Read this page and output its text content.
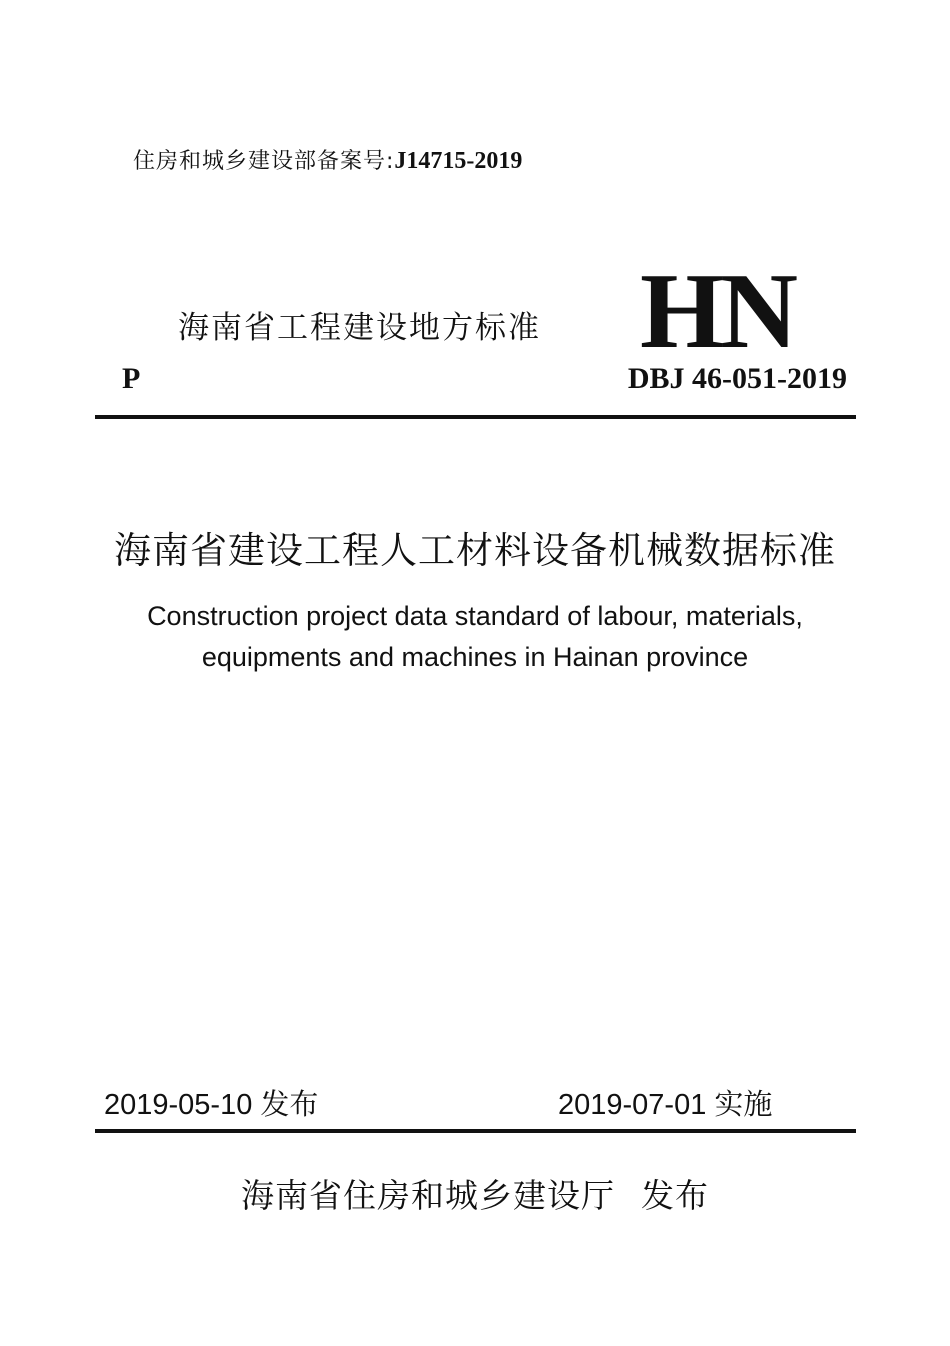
住房和城乡建设部备案号:J14715-2019
海南省工程建设地方标准 HN
P	DBJ 46-051-2019
海南省建设工程人工材料设备机械数据标准
Construction project data standard of labour, materials,
equipments and machines in Hainan province
2019-05-10 发布	2019-07-01 实施
海南省住房和城乡建设厅 发布
